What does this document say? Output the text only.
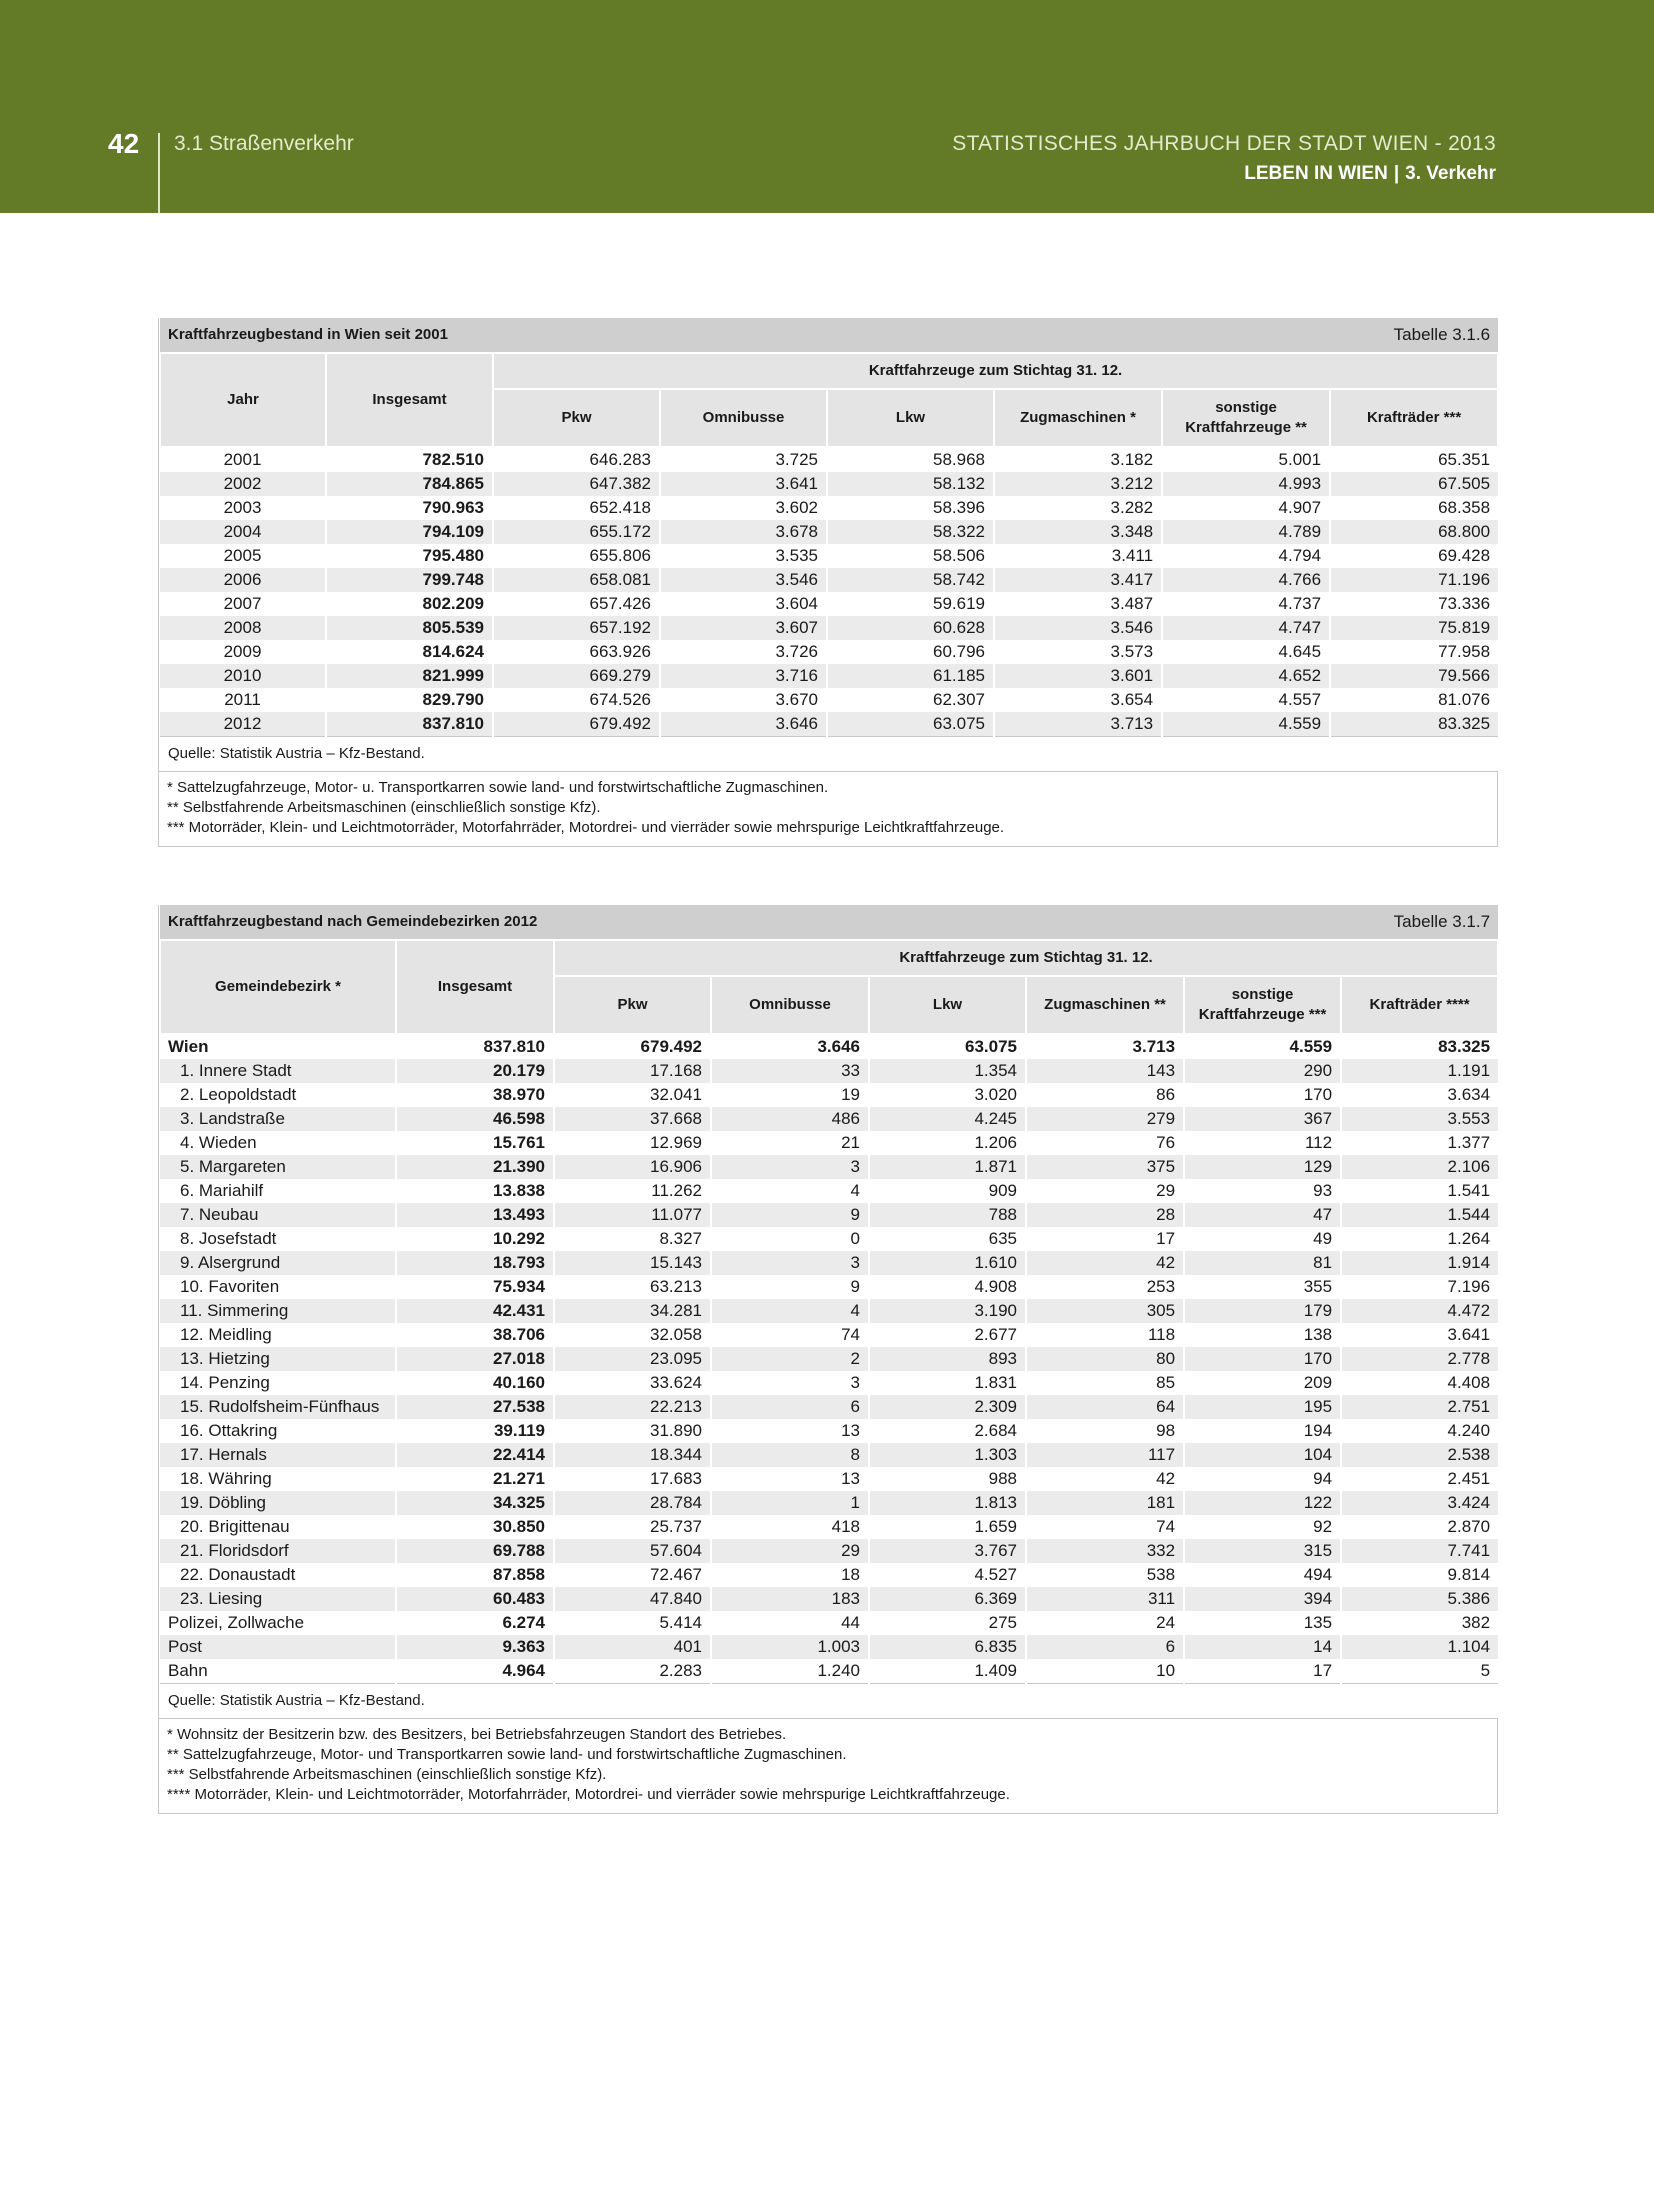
42 3.1 Straßenverkehr	STATISTISCHES JAHRBUCH DER STADT WIEN - 2013
LEBEN IN WIEN | 3. Verkehr
Kraftfahrzeugbestand in Wien seit 2001						Tabelle 3.1.6	
Jahr	Insgesamt	Kraftfahrzeuge zum Stichtag 31. 12.					
		Pkw	Omnibusse	Lkw	Zugmaschinen *	sonstige Kraftfahrzeuge **	Krafträder ***
2001	782.510	646.283	3.725	58.968	3.182	5.001	65.351
2002	784.865	647.382	3.641	58.132	3.212	4.993	67.505
2003	790.963	652.418	3.602	58.396	3.282	4.907	68.358
2004	794.109	655.172	3.678	58.322	3.348	4.789	68.800
2005	795.480	655.806	3.535	58.506	3.411	4.794	69.428
2006	799.748	658.081	3.546	58.742	3.417	4.766	71.196
2007	802.209	657.426	3.604	59.619	3.487	4.737	73.336
2008	805.539	657.192	3.607	60.628	3.546	4.747	75.819
2009	814.624	663.926	3.726	60.796	3.573	4.645	77.958
2010	821.999	669.279	3.716	61.185	3.601	4.652	79.566
2011	829.790	674.526	3.670	62.307	3.654	4.557	81.076
2012	837.810	679.492	3.646	63.075	3.713	4.559	83.325
Quelle: Statistik Austria – Kfz-Bestand.							
* Sattelzugfahrzeuge, Motor- u. Transportkarren sowie land- und forstwirtschaftliche Zugmaschinen.
** Selbstfahrende Arbeitsmaschinen (einschließlich sonstige Kfz).
*** Motorräder, Klein- und Leichtmotorräder, Motorfahrräder, Motordrei- und vierräder sowie mehrspurige Leichtkraftfahrzeuge.
Kraftfahrzeugbestand nach Gemeindebezirken 2012						Tabelle 3.1.7	
Gemeindebezirk *	Insgesamt	Kraftfahrzeuge zum Stichtag 31. 12.					
		Pkw	Omnibusse	Lkw	Zugmaschinen **	sonstige Kraftfahrzeuge ***	Krafträder ****
Wien	837.810	679.492	3.646	63.075	3.713	4.559	83.325
1. Innere Stadt	20.179	17.168	33	1.354	143	290	1.191
2. Leopoldstadt	38.970	32.041	19	3.020	86	170	3.634
3. Landstraße	46.598	37.668	486	4.245	279	367	3.553
4. Wieden	15.761	12.969	21	1.206	76	112	1.377
5. Margareten	21.390	16.906	3	1.871	375	129	2.106
6. Mariahilf	13.838	11.262	4	909	29	93	1.541
7. Neubau	13.493	11.077	9	788	28	47	1.544
8. Josefstadt	10.292	8.327	0	635	17	49	1.264
9. Alsergrund	18.793	15.143	3	1.610	42	81	1.914
10. Favoriten	75.934	63.213	9	4.908	253	355	7.196
11. Simmering	42.431	34.281	4	3.190	305	179	4.472
12. Meidling	38.706	32.058	74	2.677	118	138	3.641
13. Hietzing	27.018	23.095	2	893	80	170	2.778
14. Penzing	40.160	33.624	3	1.831	85	209	4.408
15. Rudolfsheim-Fünfhaus	27.538	22.213	6	2.309	64	195	2.751
16. Ottakring	39.119	31.890	13	2.684	98	194	4.240
17. Hernals	22.414	18.344	8	1.303	117	104	2.538
18. Währing	21.271	17.683	13	988	42	94	2.451
19. Döbling	34.325	28.784	1	1.813	181	122	3.424
20. Brigittenau	30.850	25.737	418	1.659	74	92	2.870
21. Floridsdorf	69.788	57.604	29	3.767	332	315	7.741
22. Donaustadt	87.858	72.467	18	4.527	538	494	9.814
23. Liesing	60.483	47.840	183	6.369	311	394	5.386
Polizei, Zollwache	6.274	5.414	44	275	24	135	382
Post	9.363	401	1.003	6.835	6	14	1.104
Bahn	4.964	2.283	1.240	1.409	10	17	5
Quelle: Statistik Austria – Kfz-Bestand.							
* Wohnsitz der Besitzerin bzw. des Besitzers, bei Betriebsfahrzeugen Standort des Betriebes.
** Sattelzugfahrzeuge, Motor- und Transportkarren sowie land- und forstwirtschaftliche Zugmaschinen.
*** Selbstfahrende Arbeitsmaschinen (einschließlich sonstige Kfz).
**** Motorräder, Klein- und Leichtmotorräder, Motorfahrräder, Motordrei- und vierräder sowie mehrspurige Leichtkraftfahrzeuge.
